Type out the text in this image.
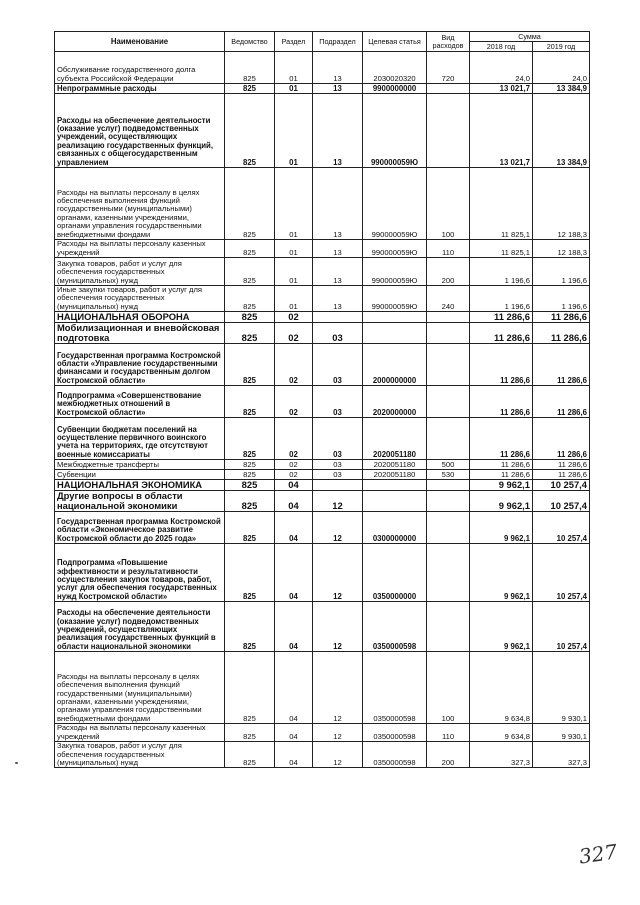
Наименование	Ведомство	Раздел	Подраздел	Целевая статья	Вид расходов	Сумма	
						2018 год	2019 год
Обслуживание государственного долга субъекта Российской Федерации	825	01	13	2030020320	720	24,0	24,0
Непрограммные расходы	825	01	13	9900000000		13 021,7	13 384,9
Расходы на обеспечение деятельности (оказание услуг) подведомственных учреждений, осуществляющих реализацию государственных функций, связанных с общегосударственным управлением	825	01	13	990000059Ю		13 021,7	13 384,9
Расходы на выплаты персоналу в целях обеспечения выполнения функций государственными (муниципальными) органами, казенными учреждениями, органами управления государственными внебюджетными фондами	825	01	13	990000059Ю	100	11 825,1	12 188,3
Расходы на выплаты персоналу казенных учреждений	825	01	13	990000059Ю	110	11 825,1	12 188,3
Закупка товаров, работ и услуг для обеспечения государственных (муниципальных) нужд	825	01	13	990000059Ю	200	1 196,6	1 196,6
Иные закупки товаров, работ и услуг для обеспечения государственных (муниципальных) нужд	825	01	13	990000059Ю	240	1 196,6	1 196,6
НАЦИОНАЛЬНАЯ ОБОРОНА	825	02				11 286,6	11 286,6
Мобилизационная и вневойсковая подготовка	825	02	03			11 286,6	11 286,6
Государственная программа Костромской области «Управление государственными финансами и государственным долгом Костромской области»	825	02	03	2000000000		11 286,6	11 286,6
Подпрограмма «Совершенствование межбюджетных отношений в Костромской области»	825	02	03	2020000000		11 286,6	11 286,6
Субвенции бюджетам поселений на осуществление первичного воинского учета на территориях, где отсутствуют военные комиссариаты	825	02	03	2020051180		11 286,6	11 286,6
Межбюджетные трансферты	825	02	03	2020051180	500	11 286,6	11 286,6
Субвенции	825	02	03	2020051180	530	11 286,6	11 286,6
НАЦИОНАЛЬНАЯ ЭКОНОМИКА	825	04				9 962,1	10 257,4
Другие вопросы в области национальной экономики	825	04	12			9 962,1	10 257,4
Государственная программа Костромской области «Экономическое развитие Костромской области до 2025 года»	825	04	12	0300000000		9 962,1	10 257,4
Подпрограмма «Повышение эффективности и результативности осуществления закупок товаров, работ, услуг для обеспечения государственных нужд Костромской области»	825	04	12	0350000000		9 962,1	10 257,4
Расходы на обеспечение деятельности (оказание услуг) подведомственных учреждений, осуществляющих реализация государственных функций в области национальной экономики	825	04	12	0350000598		9 962,1	10 257,4
Расходы на выплаты персоналу в целях обеспечения выполнения функций государственными (муниципальными) органами, казенными учреждениями, органами управления государственными внебюджетными фондами	825	04	12	0350000598	100	9 634,8	9 930,1
Расходы на выплаты персоналу казенных учреждений	825	04	12	0350000598	110	9 634,8	9 930,1
Закупка товаров, работ и услуг для обеспечения государственных (муниципальных) нужд	825	04	12	0350000598	200	327,3	327,3
327
